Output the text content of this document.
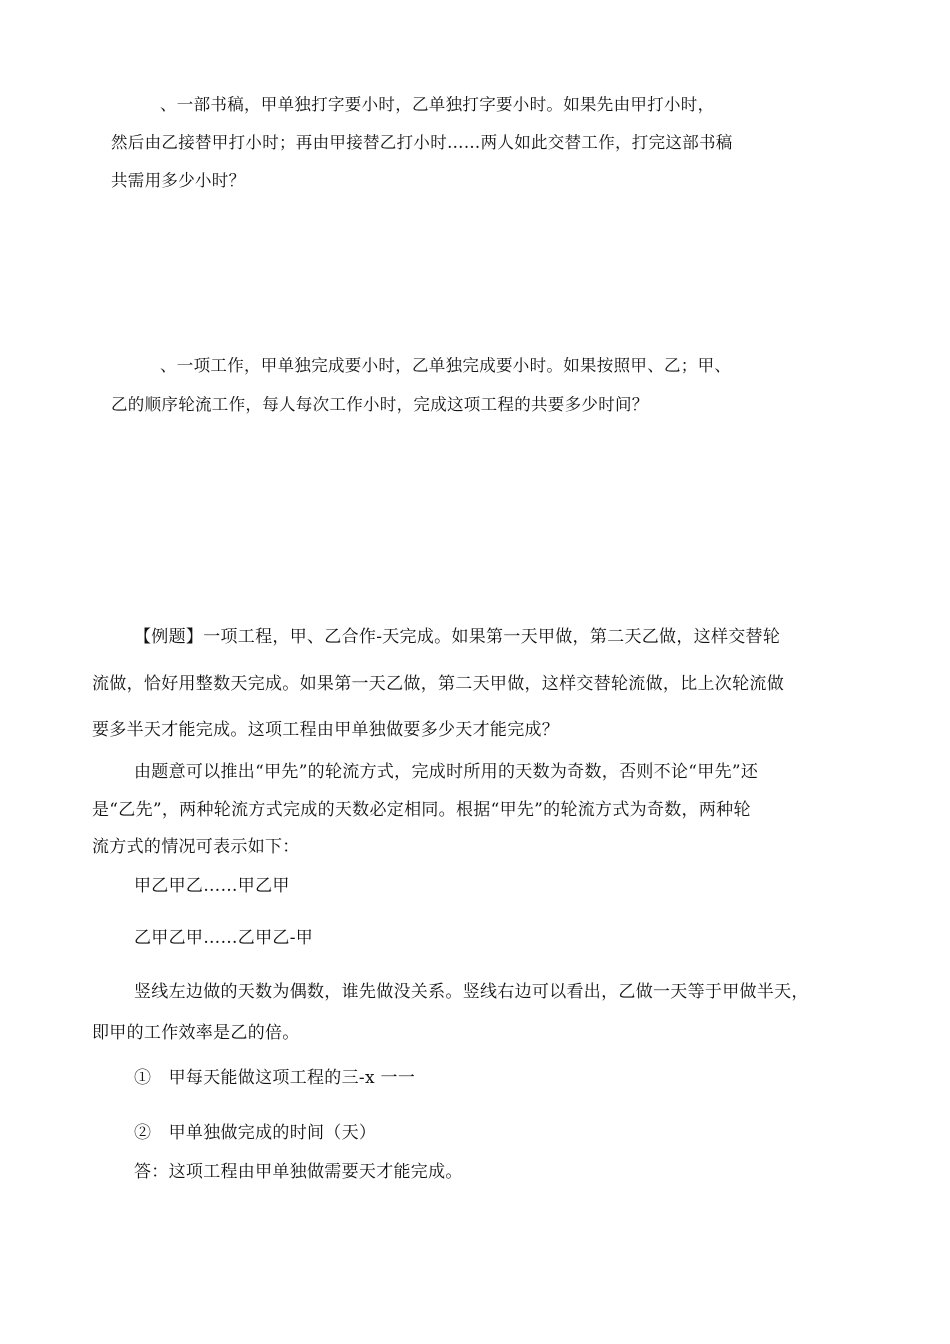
、一部书稿，甲单独打字要小时，乙单独打字要小时。如果先由甲打小时，
然后由乙接替甲打小时；再由甲接替乙打小时……两人如此交替工作，打完这部书稿
共需用多少小时？
、一项工作，甲单独完成要小时，乙单独完成要小时。如果按照甲、乙；甲、
乙的顺序轮流工作，每人每次工作小时，完成这项工程的共要多少时间？
【例题】一项工程，甲、乙合作-天完成。如果第一天甲做，第二天乙做，这样交替轮
流做，恰好用整数天完成。如果第一天乙做，第二天甲做，这样交替轮流做，比上次轮流做
要多半天才能完成。这项工程由甲单独做要多少天才能完成？
由题意可以推出“甲先”的轮流方式，完成时所用的天数为奇数，否则不论“甲先”还
是“乙先”，两种轮流方式完成的天数必定相同。根据“甲先”的轮流方式为奇数，两种轮
流方式的情况可表示如下：
甲乙甲乙……甲乙甲
乙甲乙甲……乙甲乙-甲
竖线左边做的天数为偶数，谁先做没关系。竖线右边可以看出，乙做一天等于甲做半天，
即甲的工作效率是乙的倍。
①　甲每天能做这项工程的三-x 一一
②　甲单独做完成的时间（天）
答：这项工程由甲单独做需要天才能完成。
